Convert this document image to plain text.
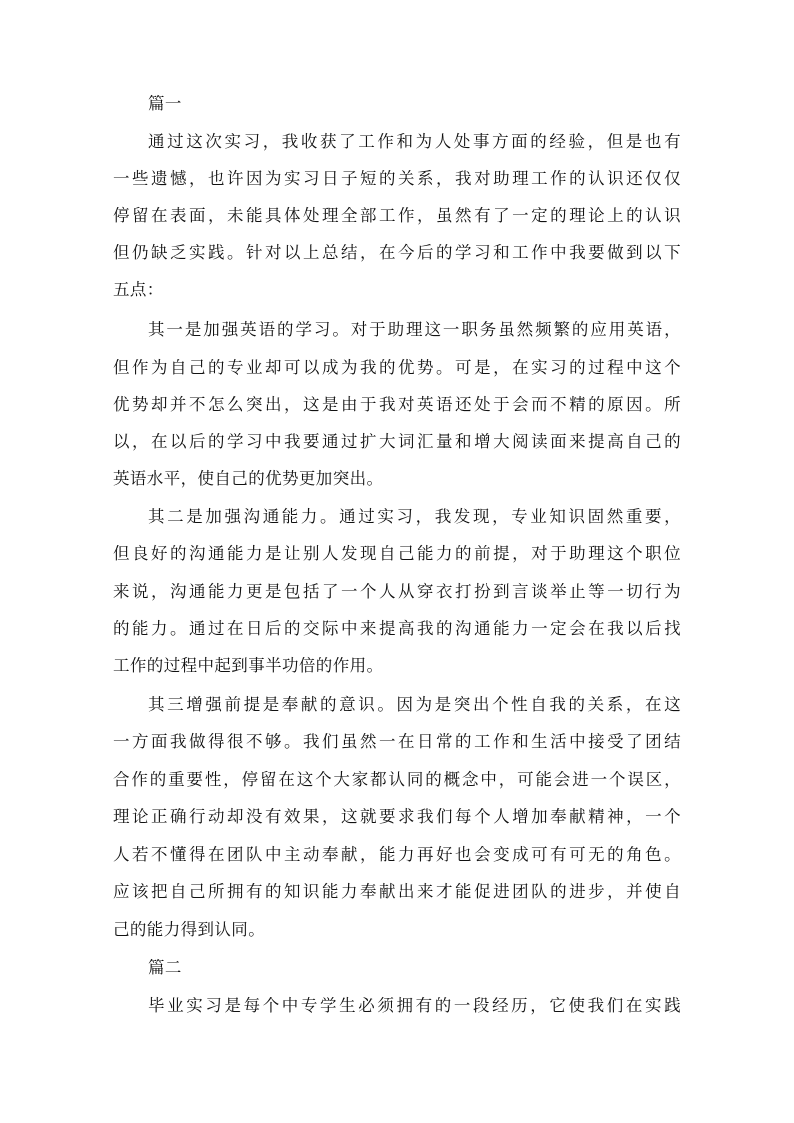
篇一
通过这次实习，我收获了工作和为人处事方面的经验，但是也有
一些遗憾，也许因为实习日子短的关系，我对助理工作的认识还仅仅
停留在表面，未能具体处理全部工作，虽然有了一定的理论上的认识
但仍缺乏实践。针对以上总结，在今后的学习和工作中我要做到以下
五点：
其一是加强英语的学习。对于助理这一职务虽然频繁的应用英语，
但作为自己的专业却可以成为我的优势。可是，在实习的过程中这个
优势却并不怎么突出，这是由于我对英语还处于会而不精的原因。所
以，在以后的学习中我要通过扩大词汇量和增大阅读面来提高自己的
英语水平，使自己的优势更加突出。
其二是加强沟通能力。通过实习，我发现，专业知识固然重要，
但良好的沟通能力是让别人发现自己能力的前提，对于助理这个职位
来说，沟通能力更是包括了一个人从穿衣打扮到言谈举止等一切行为
的能力。通过在日后的交际中来提高我的沟通能力一定会在我以后找
工作的过程中起到事半功倍的作用。
其三增强前提是奉献的意识。因为是突出个性自我的关系，在这
一方面我做得很不够。我们虽然一在日常的工作和生活中接受了团结
合作的重要性，停留在这个大家都认同的概念中，可能会进一个误区，
理论正确行动却没有效果，这就要求我们每个人增加奉献精神，一个
人若不懂得在团队中主动奉献，能力再好也会变成可有可无的角色。
应该把自己所拥有的知识能力奉献出来才能促进团队的进步，并使自
己的能力得到认同。
篇二
毕业实习是每个中专学生必须拥有的一段经历，它使我们在实践
